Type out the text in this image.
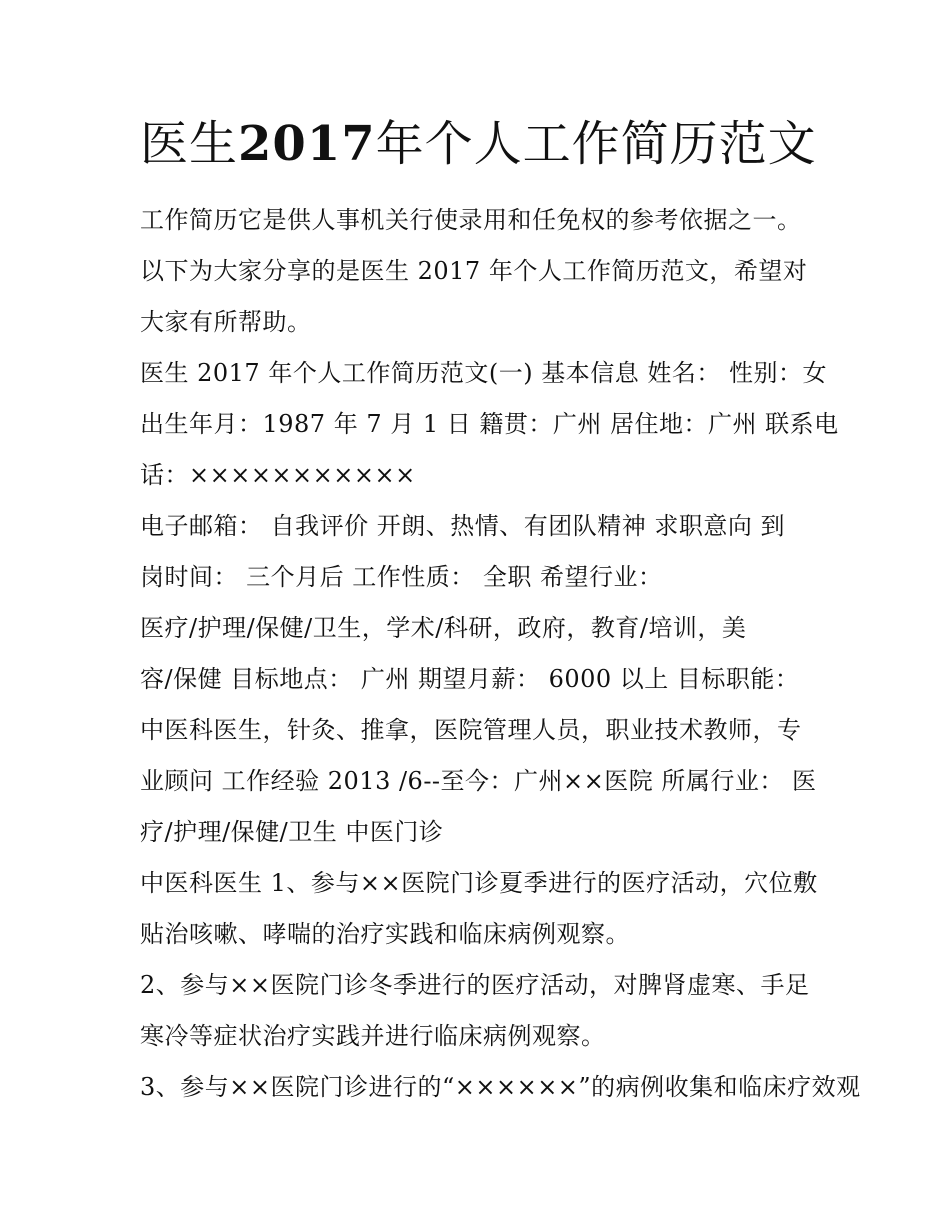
医生2017年个人工作简历范文
工作简历它是供人事机关行使录用和任免权的参考依据之一。
以下为大家分享的是医生 2017 年个人工作简历范文，希望对
大家有所帮助。
医生 2017 年个人工作简历范文(一) 基本信息 姓名： 性别：女
出生年月：1987 年 7 月 1 日 籍贯：广州 居住地：广州 联系电
话：×××××××××××
电子邮箱： 自我评价 开朗、热情、有团队精神 求职意向 到
岗时间： 三个月后 工作性质： 全职 希望行业：
医疗/护理/保健/卫生，学术/科研，政府，教育/培训，美
容/保健 目标地点： 广州 期望月薪： 6000 以上 目标职能：
中医科医生，针灸、推拿，医院管理人员，职业技术教师，专
业顾问 工作经验 2013 /6--至今：广州××医院 所属行业： 医
疗/护理/保健/卫生 中医门诊
中医科医生 1、参与××医院门诊夏季进行的医疗活动，穴位敷
贴治咳嗽、哮喘的治疗实践和临床病例观察。
2、参与××医院门诊冬季进行的医疗活动，对脾肾虚寒、手足
寒冷等症状治疗实践并进行临床病例观察。
3、参与××医院门诊进行的“××××××”的病例收集和临床疗效观
